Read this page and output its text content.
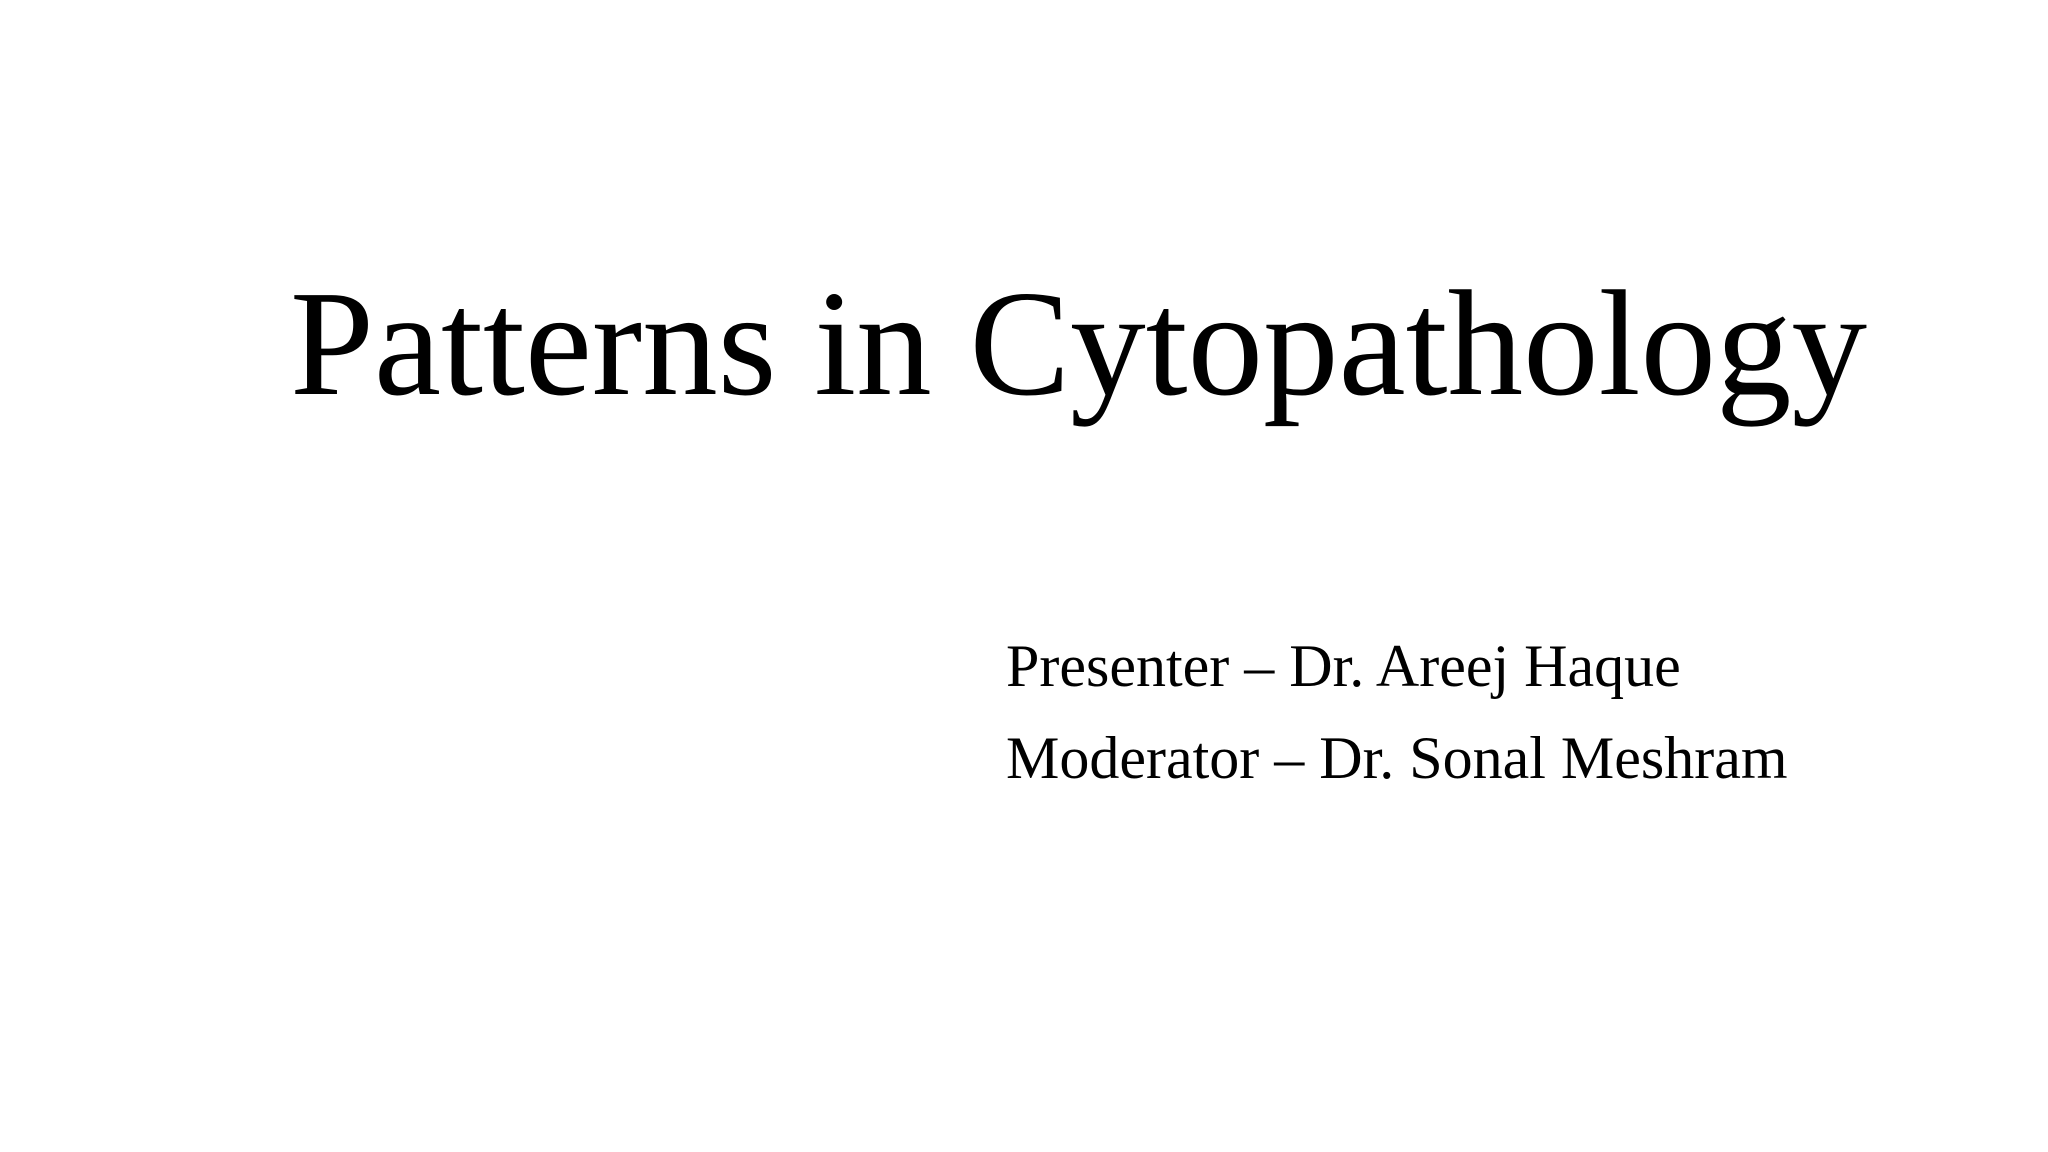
Patterns in Cytopathology
Presenter – Dr. Areej Haque
Moderator – Dr. Sonal Meshram
